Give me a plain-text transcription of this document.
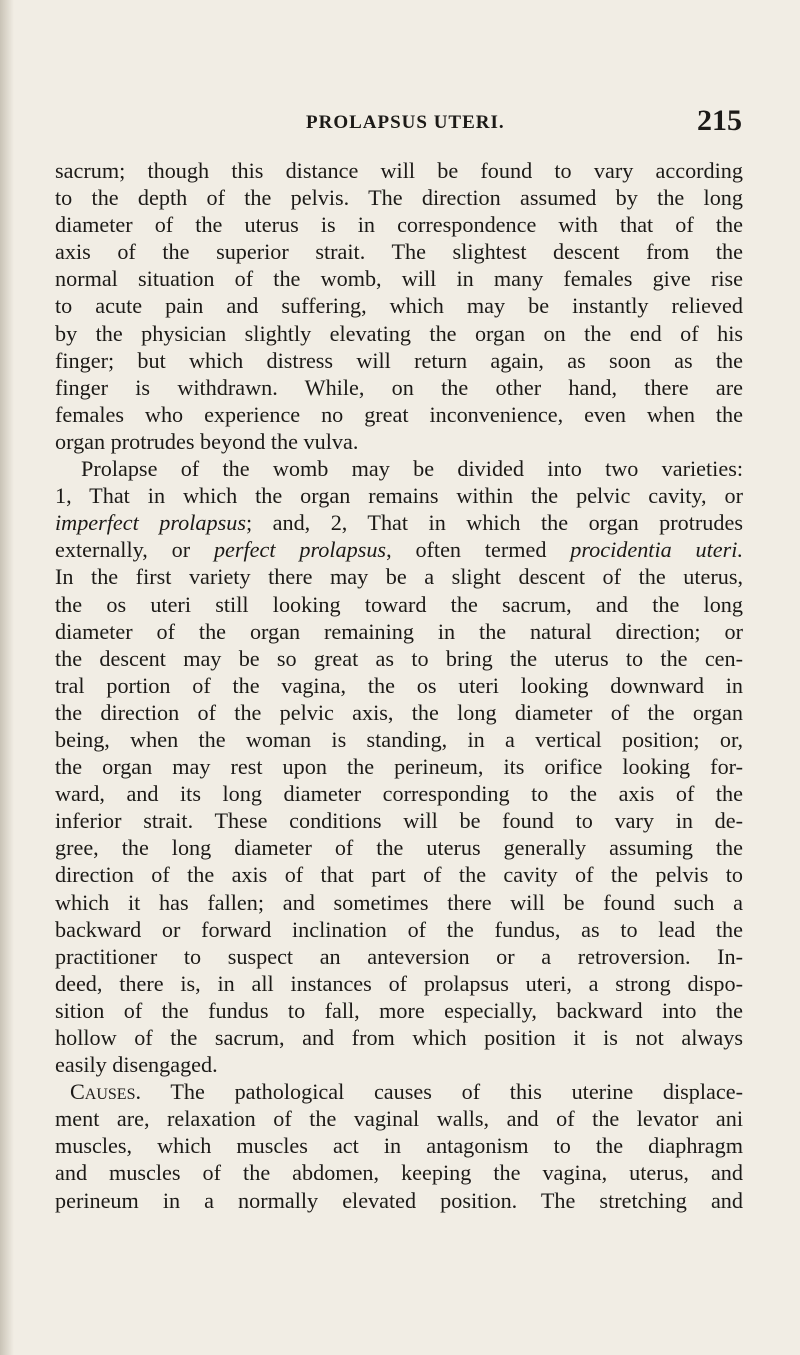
PROLAPSUS UTERI.	215
sacrum; though this distance will be found to vary according
to the depth of the pelvis. The direction assumed by the long
diameter of the uterus is in correspondence with that of the
axis of the superior strait. The slightest descent from the
normal situation of the womb, will in many females give rise
to acute pain and suffering, which may be instantly relieved
by the physician slightly elevating the organ on the end of his
finger; but which distress will return again, as soon as the
finger is withdrawn. While, on the other hand, there are
females who experience no great inconvenience, even when the
organ protrudes beyond the vulva.
Prolapse of the womb may be divided into two varieties:
1, That in which the organ remains within the pelvic cavity, or
imperfect prolapsus; and, 2, That in which the organ protrudes
externally, or perfect prolapsus, often termed procidentia uteri.
In the first variety there may be a slight descent of the uterus,
the os uteri still looking toward the sacrum, and the long
diameter of the organ remaining in the natural direction; or
the descent may be so great as to bring the uterus to the cen-
tral portion of the vagina, the os uteri looking downward in
the direction of the pelvic axis, the long diameter of the organ
being, when the woman is standing, in a vertical position; or,
the organ may rest upon the perineum, its orifice looking for-
ward, and its long diameter corresponding to the axis of the
inferior strait. These conditions will be found to vary in de-
gree, the long diameter of the uterus generally assuming the
direction of the axis of that part of the cavity of the pelvis to
which it has fallen; and sometimes there will be found such a
backward or forward inclination of the fundus, as to lead the
practitioner to suspect an anteversion or a retroversion. In-
deed, there is, in all instances of prolapsus uteri, a strong dispo-
sition of the fundus to fall, more especially, backward into the
hollow of the sacrum, and from which position it is not always
easily disengaged.
Causes. The pathological causes of this uterine displace-
ment are, relaxation of the vaginal walls, and of the levator ani
muscles, which muscles act in antagonism to the diaphragm
and muscles of the abdomen, keeping the vagina, uterus, and
perineum in a normally elevated position. The stretching and
